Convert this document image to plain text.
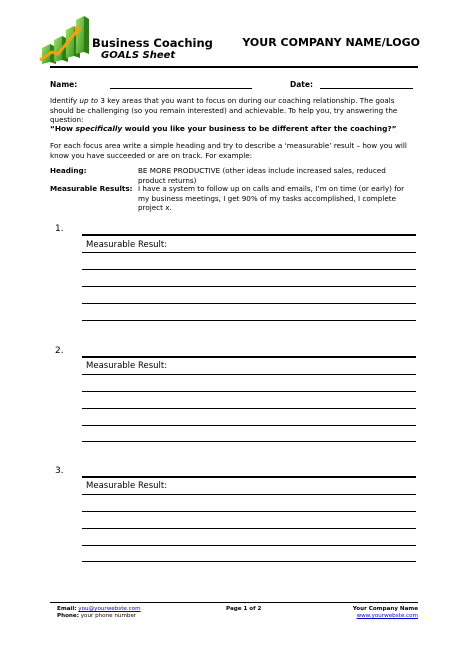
Business Coaching
GOALS Sheet
YOUR COMPANY NAME/LOGO
Name:	Date:
Identify up to 3 key areas that you want to focus on during our coaching relationship. The goals should be challenging (so you remain interested) and achievable. To help you, try answering the question:
“How specifically would you like your business to be different after the coaching?”
For each focus area write a simple heading and try to describe a ‘measurable’ result – how you will know you have succeeded or are on track. For example:
Heading:	BE MORE PRODUCTIVE (other ideas include increased sales, reduced product returns)
Measurable Results: I have a system to follow up on calls and emails, I’m on time (or early) for my business meetings, I get 90% of my tasks accomplished, I complete project x.
1.
Measurable Result:
2.
Measurable Result:
3.
Measurable Result:
Email: you@yourwebste.com
Phone: your phone number
Page 1 of 2	Your Company Name
www.yourwebste.com
